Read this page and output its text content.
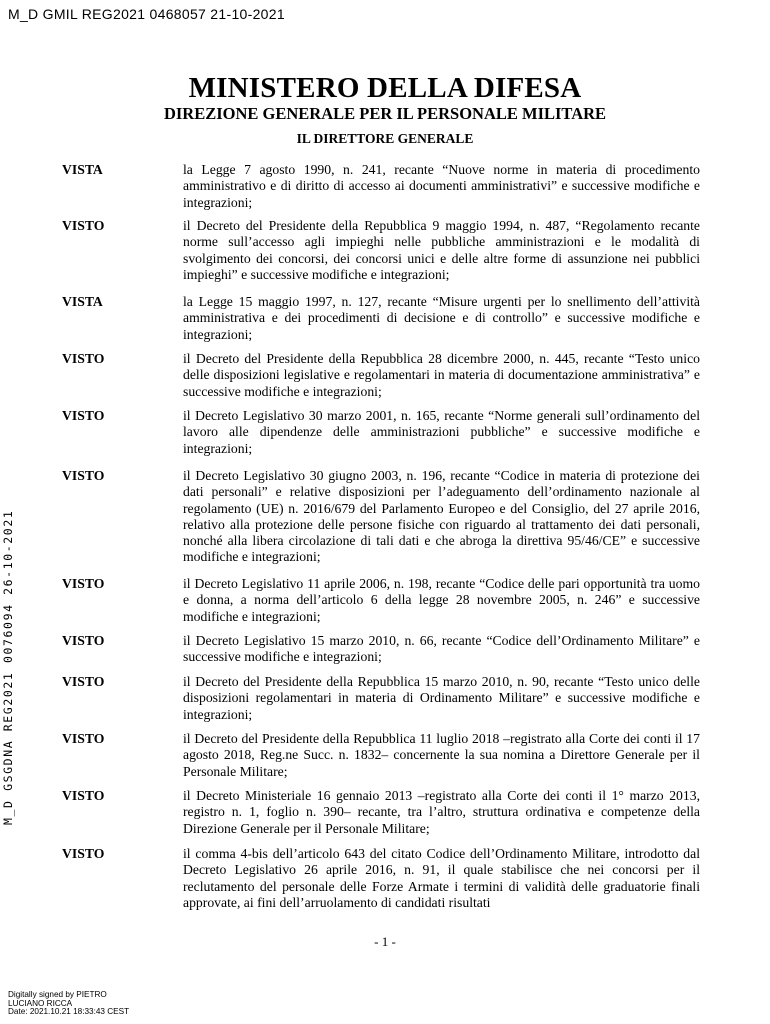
M_D GMIL REG2021 0468057 21-10-2021
M_D GSGDNA REG2021 0076094 26-10-2021
MINISTERO DELLA DIFESA
DIREZIONE GENERALE PER IL PERSONALE MILITARE
IL DIRETTORE GENERALE
VISTA	la Legge 7 agosto 1990, n. 241, recante “Nuove norme in materia di procedimento amministrativo e di diritto di accesso ai documenti amministrativi” e successive modifiche e integrazioni;
VISTO	il Decreto del Presidente della Repubblica 9 maggio 1994, n. 487, “Regolamento recante norme sull’accesso agli impieghi nelle pubbliche amministrazioni e le modalità di svolgimento dei concorsi, dei concorsi unici e delle altre forme di assunzione nei pubblici impieghi” e successive modifiche e integrazioni;
VISTA	la Legge 15 maggio 1997, n. 127, recante “Misure urgenti per lo snellimento dell’attività amministrativa e dei procedimenti di decisione e di controllo” e successive modifiche e integrazioni;
VISTO	il Decreto del Presidente della Repubblica 28 dicembre 2000, n. 445, recante “Testo unico delle disposizioni legislative e regolamentari in materia di documentazione amministrativa” e successive modifiche e integrazioni;
VISTO	il Decreto Legislativo 30 marzo 2001, n. 165, recante “Norme generali sull’ordinamento del lavoro alle dipendenze delle amministrazioni pubbliche” e successive modifiche e integrazioni;
VISTO	il Decreto Legislativo 30 giugno 2003, n. 196, recante “Codice in materia di protezione dei dati personali” e relative disposizioni per l’adeguamento dell’ordinamento nazionale al regolamento (UE) n. 2016/679 del Parlamento Europeo e del Consiglio, del 27 aprile 2016, relativo alla protezione delle persone fisiche con riguardo al trattamento dei dati personali, nonché alla libera circolazione di tali dati e che abroga la direttiva 95/46/CE” e successive modifiche e integrazioni;
VISTO	il Decreto Legislativo 11 aprile 2006, n. 198, recante “Codice delle pari opportunità tra uomo e donna, a norma dell’articolo 6 della legge 28 novembre 2005, n. 246” e successive modifiche e integrazioni;
VISTO	il Decreto Legislativo 15 marzo 2010, n. 66, recante “Codice dell’Ordinamento Militare” e successive modifiche e integrazioni;
VISTO	il Decreto del Presidente della Repubblica 15 marzo 2010, n. 90, recante “Testo unico delle disposizioni regolamentari in materia di Ordinamento Militare” e successive modifiche e integrazioni;
VISTO	il Decreto del Presidente della Repubblica 11 luglio 2018 –registrato alla Corte dei conti il 17 agosto 2018, Reg.ne Succ. n. 1832– concernente la sua nomina a Direttore Generale per il Personale Militare;
VISTO	il Decreto Ministeriale 16 gennaio 2013 –registrato alla Corte dei conti il 1° marzo 2013, registro n. 1, foglio n. 390– recante, tra l’altro, struttura ordinativa e competenze della Direzione Generale per il Personale Militare;
VISTO	il comma 4-bis dell’articolo 643 del citato Codice dell’Ordinamento Militare, introdotto dal Decreto Legislativo 26 aprile 2016, n. 91, il quale stabilisce che nei concorsi per il reclutamento del personale delle Forze Armate i termini di validità delle graduatorie finali approvate, ai fini dell’arruolamento di candidati risultati
- 1 -
Digitally signed by PIETRO
LUCIANO RICCA
Date: 2021.10.21 18:33:43 CEST
